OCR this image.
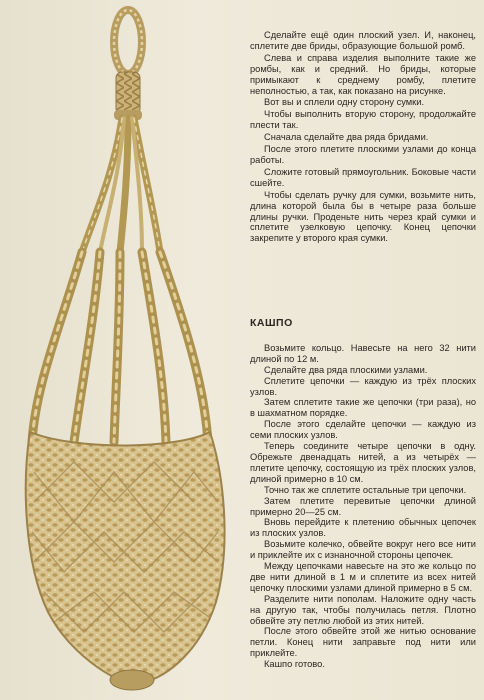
Сделайте ещё один плоский узел. И, наконец, сплетите две бриды, образующие большой ромб.

Слева и справа изделия выполните такие же ромбы, как и средний. Но бриды, которые примыкают к среднему ромбу, плетите неполностью, а так, как показано на рисунке.

Вот вы и сплели одну сторону сумки.

Чтобы выполнить вторую сторону, продолжайте плести так.

Сначала сделайте два ряда бридами.

После этого плетите плоскими узлами до конца работы.

Сложите готовый прямоугольник. Боковые части сшейте.

Чтобы сделать ручку для сумки, возьмите нить, длина которой была бы в четыре раза больше длины ручки. Проденьте нить через край сумки и сплетите узелковую цепочку. Конец цепочки закрепите у второго края сумки.

КАШПО

Возьмите кольцо. Навесьте на него 32 нити длиной по 12 м.

Сделайте два ряда плоскими узлами.

Сплетите цепочки — каждую из трёх плоских узлов.

Затем сплетите такие же цепочки (три раза), но в шахматном порядке.

После этого сделайте цепочки — каждую из семи плоских узлов.

Теперь соедините четыре цепочки в одну. Обрежьте двенадцать нитей, а из четырёх — плетите цепочку, состоящую из трёх плоских узлов, длиной примерно в 10 см.

Точно так же сплетите остальные три цепочки.

Затем плетите перевитые цепочки длиной примерно 20—25 см.

Вновь перейдите к плетению обычных цепочек из плоских узлов.

Возьмите колечко, обвейте вокруг него все нити и приклейте их с изнаночной стороны цепочек.

Между цепочками навесьте на это же кольцо по две нити длиной в 1 м и сплетите из всех нитей цепочку плоскими узлами длиной примерно в 5 см.

Разделите нити пополам. Наложите одну часть на другую так, чтобы получилась петля. Плотно обвейте эту петлю любой из этих нитей.

После этого обвейте этой же нитью основание петли. Конец нити заправьте под нити или приклейте.

Кашпо готово.
